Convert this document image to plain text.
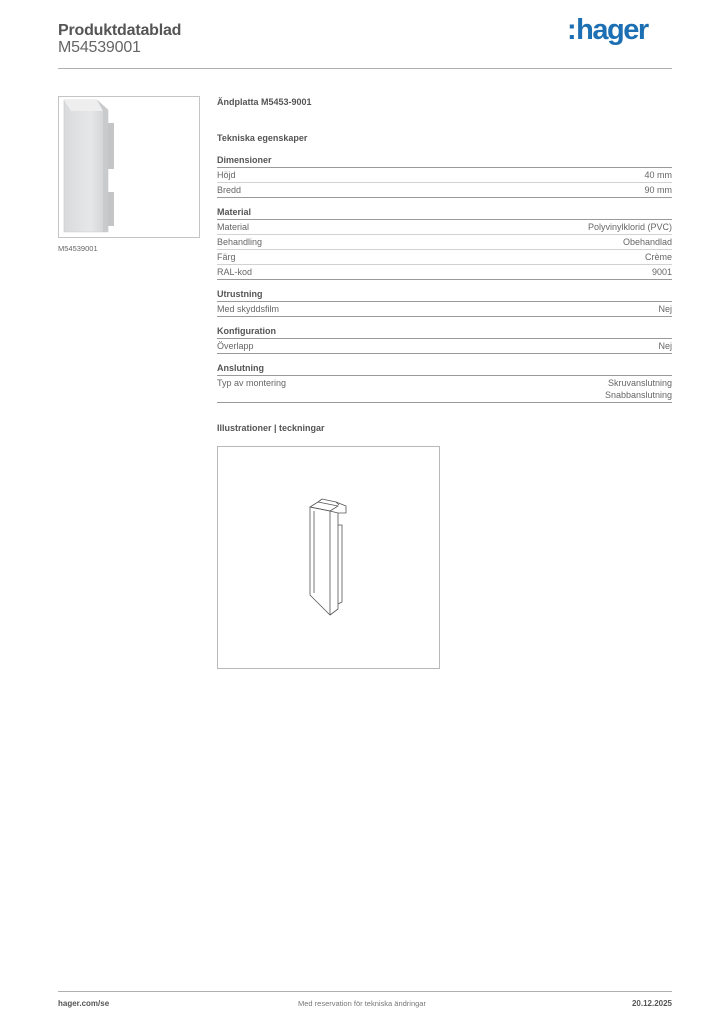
Produktdatablad
M54539001
:hager
M54539001
Ändplatta M5453-9001
Tekniska egenskaper
Dimensioner
Höjd	40 mm
Bredd	90 mm
Material
Material	Polyvinylklorid (PVC)
Behandling	Obehandlad
Färg	Crème
RAL-kod	9001
Utrustning
Med skyddsfilm	Nej
Konfiguration
Överlapp	Nej
Anslutning
Typ av montering	Skruvanslutning
Snabbanslutning
Illustrationer | teckningar
hager.com/se	Med reservation för tekniska ändringar	20.12.2025
